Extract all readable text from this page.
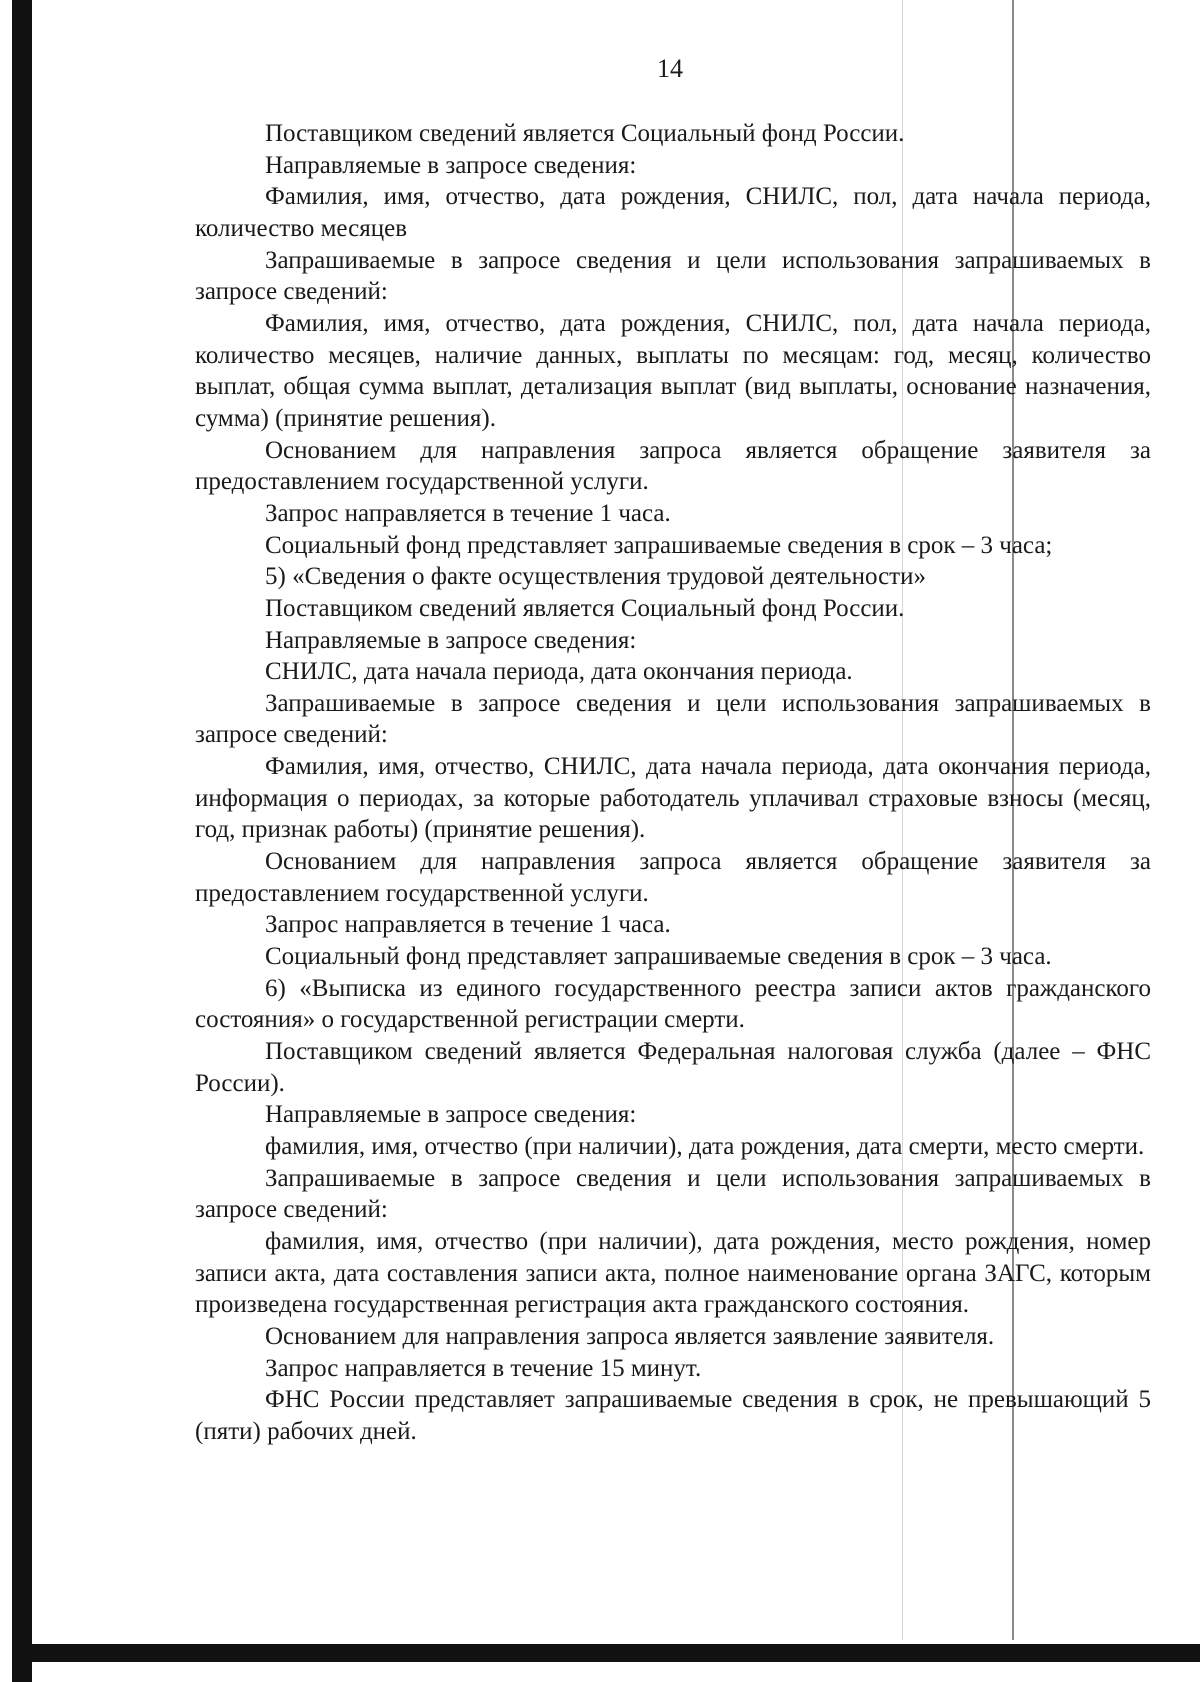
14

Поставщиком сведений является Социальный фонд России.

Направляемые в запросе сведения:

Фамилия, имя, отчество, дата рождения, СНИЛС, пол, дата начала периода, количество месяцев

Запрашиваемые в запросе сведения и цели использования запрашиваемых в запросе сведений:

Фамилия, имя, отчество, дата рождения, СНИЛС, пол, дата начала периода, количество месяцев, наличие данных, выплаты по месяцам: год, месяц, количество выплат, общая сумма выплат, детализация выплат (вид выплаты, основание назначения, сумма) (принятие решения).

Основанием для направления запроса является обращение заявителя за предоставлением государственной услуги.

Запрос направляется в течение 1 часа.

Социальный фонд представляет запрашиваемые сведения в срок – 3 часа;

5) «Сведения о факте осуществления трудовой деятельности»

Поставщиком сведений является Социальный фонд России.

Направляемые в запросе сведения:

СНИЛС, дата начала периода, дата окончания периода.

Запрашиваемые в запросе сведения и цели использования запрашиваемых в запросе сведений:

Фамилия, имя, отчество, СНИЛС, дата начала периода, дата окончания периода, информация о периодах, за которые работодатель уплачивал страховые взносы (месяц, год, признак работы) (принятие решения).

Основанием для направления запроса является обращение заявителя за предоставлением государственной услуги.

Запрос направляется в течение 1 часа.

Социальный фонд представляет запрашиваемые сведения в срок – 3 часа.

6) «Выписка из единого государственного реестра записи актов гражданского состояния» о государственной регистрации смерти.

Поставщиком сведений является Федеральная налоговая служба (далее – ФНС России).

Направляемые в запросе сведения:

фамилия, имя, отчество (при наличии), дата рождения, дата смерти, место смерти.

Запрашиваемые в запросе сведения и цели использования запрашиваемых в запросе сведений:

фамилия, имя, отчество (при наличии), дата рождения, место рождения, номер записи акта, дата составления записи акта, полное наименование органа ЗАГС, которым произведена государственная регистрация акта гражданского состояния.

Основанием для направления запроса является заявление заявителя.

Запрос направляется в течение 15 минут.

ФНС России представляет запрашиваемые сведения в срок, не превышающий 5 (пяти) рабочих дней.
